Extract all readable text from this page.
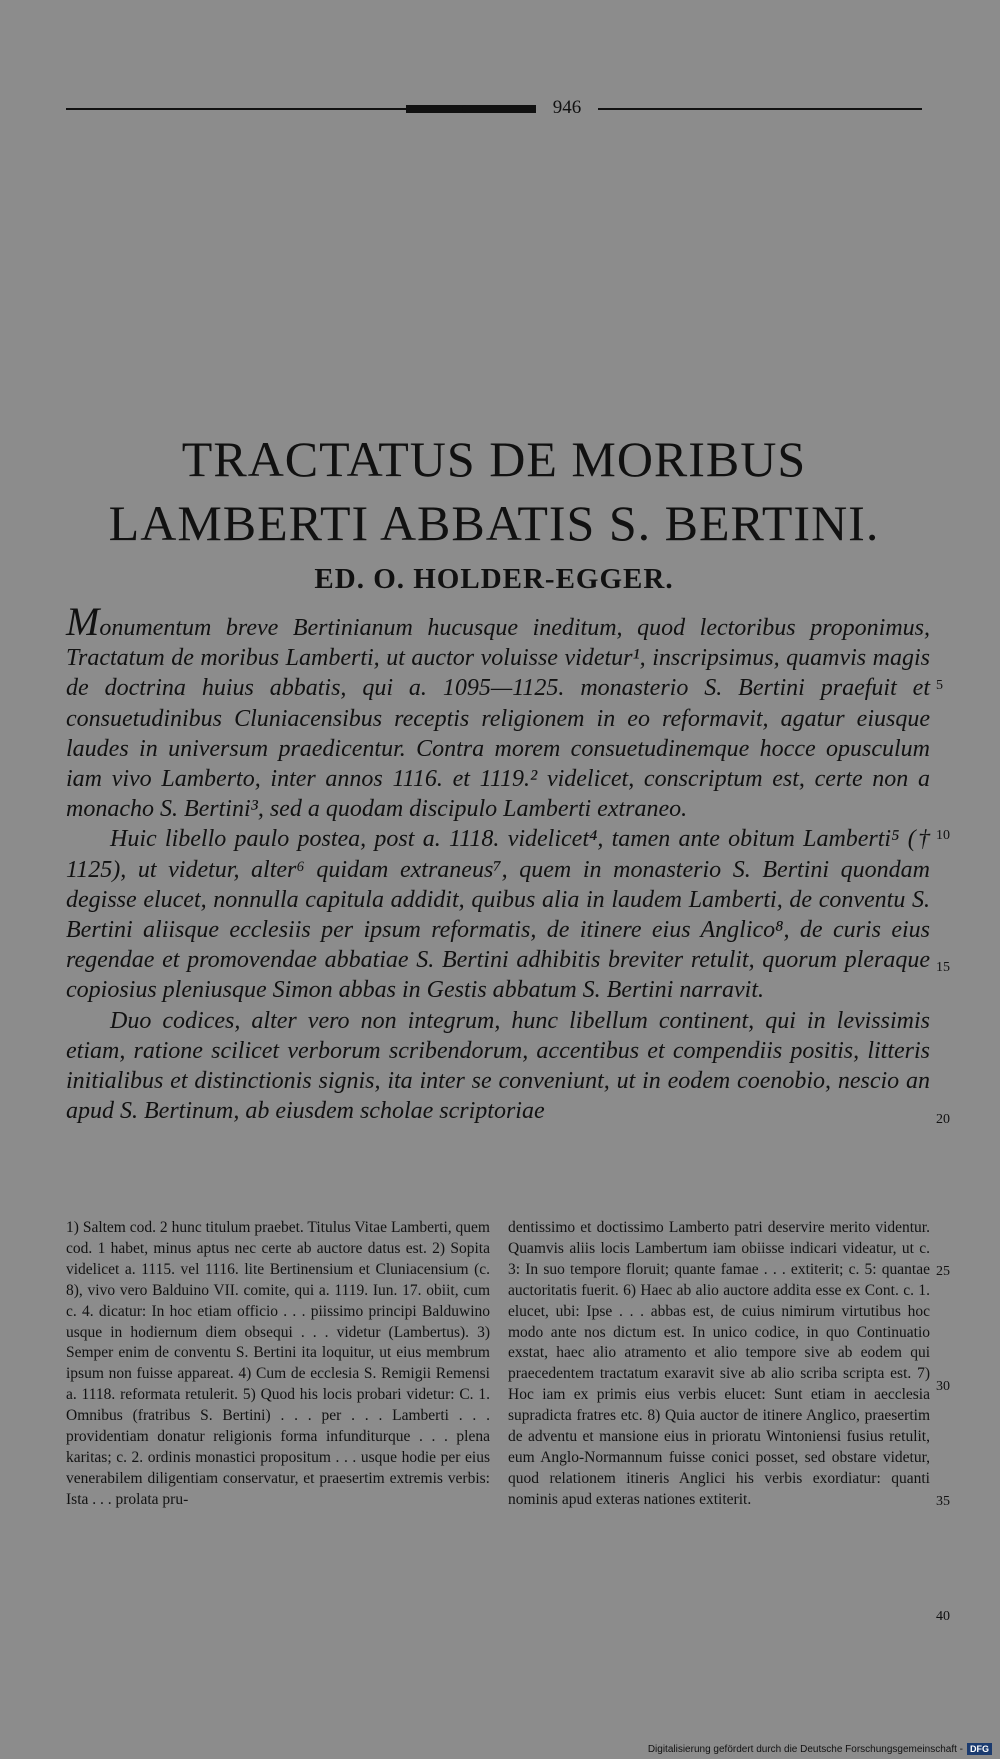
946
TRACTATUS DE MORIBUS
LAMBERTI ABBATIS S. BERTINI.
ED. O. HOLDER-EGGER.

Monumentum breve Bertinianum hucusque ineditum, quod lectoribus proponimus, Tractatum de moribus Lamberti, ut auctor voluisse videtur¹, inscripsimus, quamvis magis de doctrina huius abbatis, qui a. 1095—1125. monasterio S. Bertini praefuit et consuetudinibus Cluniacensibus receptis religionem in eo reformavit, agatur eiusque laudes in universum praedicentur. Contra morem consuetudinemque hocce opusculum iam vivo Lamberto, inter annos 1116. et 1119.² videlicet, conscriptum est, certe non a monacho S. Bertini³, sed a quodam discipulo Lamberti extraneo.

Huic libello paulo postea, post a. 1118. videlicet⁴, tamen ante obitum Lamberti⁵ († 1125), ut videtur, alter⁶ quidam extraneus⁷, quem in monasterio S. Bertini quondam degisse elucet, nonnulla capitula addidit, quibus alia in laudem Lamberti, de conventu S. Bertini aliisque ecclesiis per ipsum reformatis, de itinere eius Anglico⁸, de curis eius regendae et promovendae abbatiae S. Bertini adhibitis breviter retulit, quorum pleraque copiosius pleniusque Simon abbas in Gestis abbatum S. Bertini narravit.

Duo codices, alter vero non integrum, hunc libellum continent, qui in levissimis etiam, ratione scilicet verborum scribendorum, accentibus et compendiis positis, litteris initialibus et distinctionis signis, ita inter se conveniunt, ut in eodem coenobio, nescio an apud S. Bertinum, ab eiusdem scholae scriptoriae

5
10
15
20
25
30
35
40

1) Saltem cod. 2 hunc titulum praebet. Titulus Vitae Lamberti, quem cod. 1 habet, minus aptus nec certe ab auctore datus est. 2) Sopita videlicet a. 1115. vel 1116. lite Bertinensium et Cluniacensium (c. 8), vivo vero Balduino VII. comite, qui a. 1119. Iun. 17. obiit, cum c. 4. dicatur: In hoc etiam officio . . . piissimo principi Balduwino usque in hodiernum diem obsequi . . . videtur (Lambertus). 3) Semper enim de conventu S. Bertini ita loquitur, ut eius membrum ipsum non fuisse appareat. 4) Cum de ecclesia S. Remigii Remensi a. 1118. reformata retulerit. 5) Quod his locis probari videtur: C. 1. Omnibus (fratribus S. Bertini) . . . per . . . Lamberti . . . providentiam donatur religionis forma infunditurque . . . plena karitas; c. 2. ordinis monastici propositum . . . usque hodie per eius venerabilem diligentiam conservatur, et praesertim extremis verbis: Ista . . . prolata pru-

dentissimo et doctissimo Lamberto patri deservire merito videntur. Quamvis aliis locis Lambertum iam obiisse indicari videatur, ut c. 3: In suo tempore floruit; quante famae . . . extiterit; c. 5: quantae auctoritatis fuerit. 6) Haec ab alio auctore addita esse ex Cont. c. 1. elucet, ubi: Ipse . . . abbas est, de cuius nimirum virtutibus hoc modo ante nos dictum est. In unico codice, in quo Continuatio exstat, haec alio atramento et alio tempore sive ab eodem qui praecedentem tractatum exaravit sive ab alio scriba scripta est. 7) Hoc iam ex primis eius verbis elucet: Sunt etiam in aecclesia supradicta fratres etc. 8) Quia auctor de itinere Anglico, praesertim de adventu et mansione eius in prioratu Wintoniensi fusius retulit, eum Anglo-Normannum fuisse conici posset, sed obstare videtur, quod relationem itineris Anglici his verbis exordiatur: quanti nominis apud exteras nationes extiterit.

Digitalisierung gefördert durch die Deutsche Forschungsgemeinschaft - DFG
